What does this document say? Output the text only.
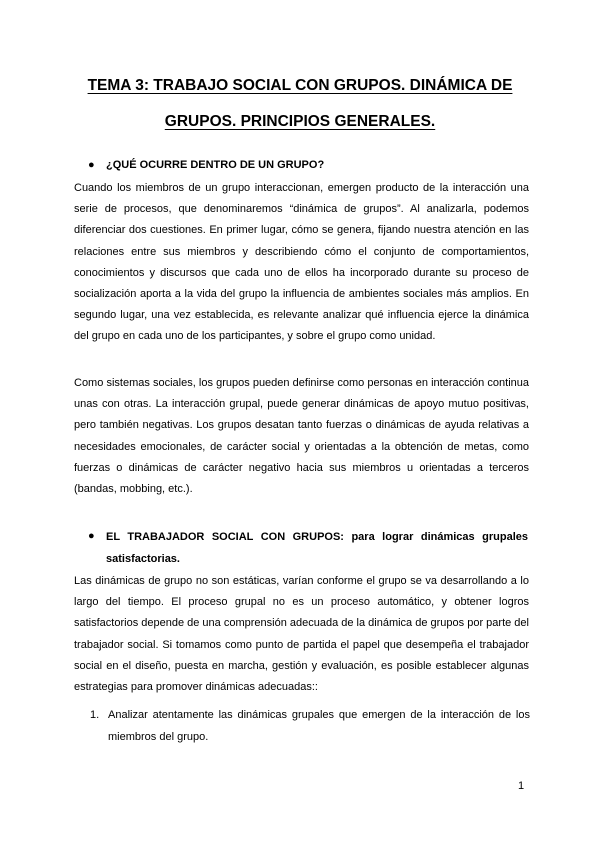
TEMA 3: TRABAJO SOCIAL CON GRUPOS. DINÁMICA DE
GRUPOS. PRINCIPIOS GENERALES.
● ¿QUÉ OCURRE DENTRO DE UN GRUPO?
Cuando los miembros de un grupo interaccionan, emergen producto de la interacción una serie de procesos, que denominaremos “dinámica de grupos”. Al analizarla, podemos diferenciar dos cuestiones. En primer lugar, cómo se genera, fijando nuestra atención en las relaciones entre sus miembros y describiendo cómo el conjunto de comportamientos, conocimientos y discursos que cada uno de ellos ha incorporado durante su proceso de socialización aporta a la vida del grupo la influencia de ambientes sociales más amplios. En segundo lugar, una vez establecida, es relevante analizar qué influencia ejerce la dinámica del grupo en cada uno de los participantes, y sobre el grupo como unidad.
Como sistemas sociales, los grupos pueden definirse como personas en interacción continua unas con otras. La interacción grupal, puede generar dinámicas de apoyo mutuo positivas, pero también negativas. Los grupos desatan tanto fuerzas o dinámicas de ayuda relativas a necesidades emocionales, de carácter social y orientadas a la obtención de metas, como fuerzas o dinámicas de carácter negativo hacia sus miembros u orientadas a terceros (bandas, mobbing, etc.).
● EL TRABAJADOR SOCIAL CON GRUPOS: para lograr dinámicas grupales satisfactorias.
Las dinámicas de grupo no son estáticas, varían conforme el grupo se va desarrollando a lo largo del tiempo. El proceso grupal no es un proceso automático, y obtener logros satisfactorios depende de una comprensión adecuada de la dinámica de grupos por parte del trabajador social. Si tomamos como punto de partida el papel que desempeña el trabajador social en el diseño, puesta en marcha, gestión y evaluación, es posible establecer algunas estrategias para promover dinámicas adecuadas::
1. Analizar atentamente las dinámicas grupales que emergen de la interacción de los miembros del grupo.
1
